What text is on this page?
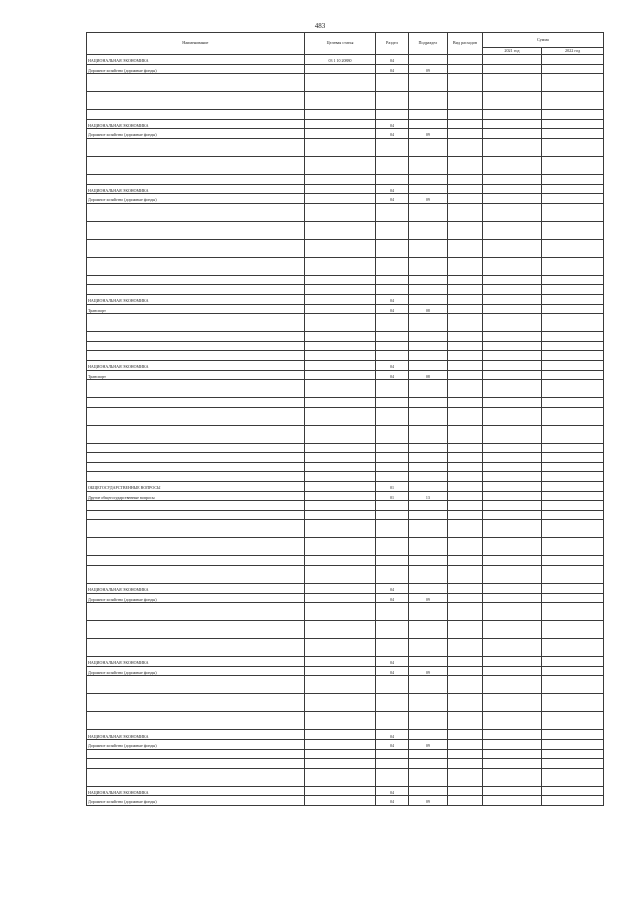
483
Наименование	Целевая статья	Раздел	Подраздел	Вид расходов	Сумма	
					2021 год	2022 год
НАЦИОНАЛЬНАЯ ЭКОНОМИКА	03 1 10 20880	04				
Дорожное хозяйство (дорожные фонды)		04	09			

НАЦИОНАЛЬНАЯ ЭКОНОМИКА		04				
Дорожное хозяйство (дорожные фонды)		04	09			

НАЦИОНАЛЬНАЯ ЭКОНОМИКА		04				
Дорожное хозяйство (дорожные фонды)		04	09			

НАЦИОНАЛЬНАЯ ЭКОНОМИКА		04				
Транспорт		04	08			

НАЦИОНАЛЬНАЯ ЭКОНОМИКА		04				
Транспорт		04	08			

ОБЩЕГОСУДАРСТВЕННЫЕ ВОПРОСЫ		01				
Другие общегосударственные вопросы		01	13			

НАЦИОНАЛЬНАЯ ЭКОНОМИКА		04				
Дорожное хозяйство (дорожные фонды)		04	09			

НАЦИОНАЛЬНАЯ ЭКОНОМИКА		04				
Дорожное хозяйство (дорожные фонды)		04	09			

НАЦИОНАЛЬНАЯ ЭКОНОМИКА		04				
Дорожное хозяйство (дорожные фонды)		04	09			

НАЦИОНАЛЬНАЯ ЭКОНОМИКА		04				
Дорожное хозяйство (дорожные фонды)		04	09			
